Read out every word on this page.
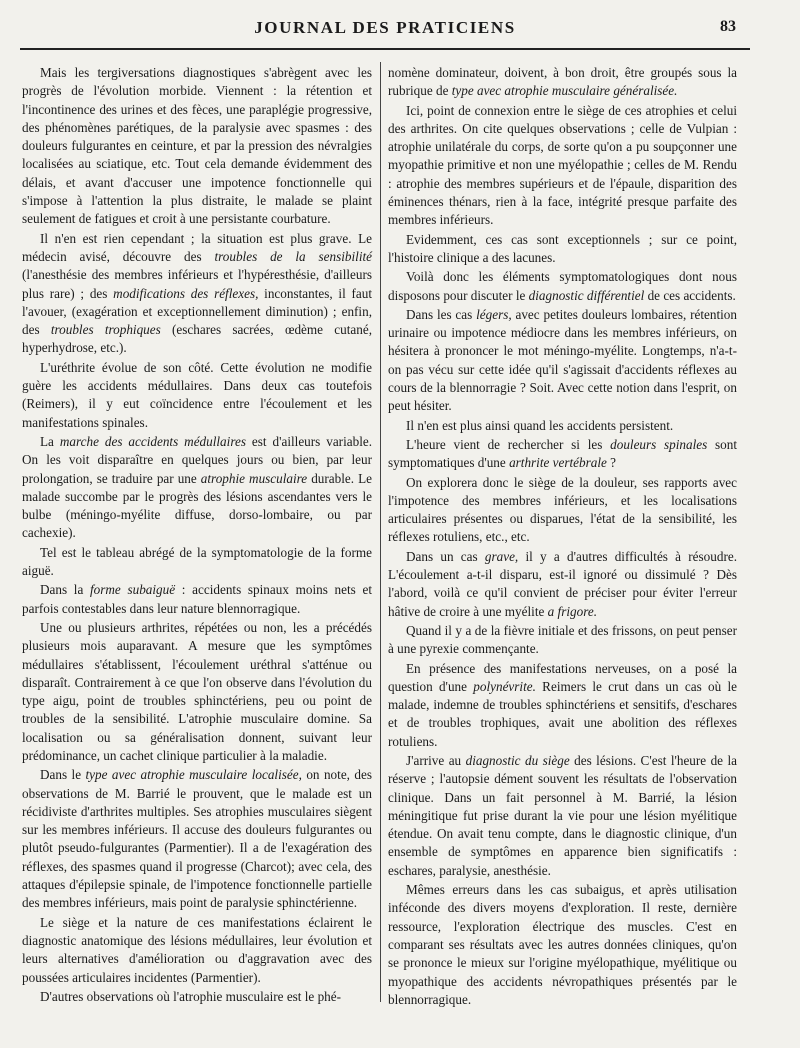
JOURNAL DES PRATICIENS	83

Mais les tergiversations diagnostiques s'abrègent avec les progrès de l'évolution morbide. Viennent : la rétention et l'incontinence des urines et des fèces, une paraplégie progressive, des phénomènes parétiques, de la paralysie avec spasmes : des douleurs fulgurantes en ceinture, et par la pression des névralgies localisées au sciatique, etc. Tout cela demande évidemment des délais, et avant d'accuser une impotence fonctionnelle qui s'impose à l'attention la plus distraite, le malade se plaint seulement de fatigues et croit à une persistante courbature.

Il n'en est rien cependant ; la situation est plus grave. Le médecin avisé, découvre des troubles de la sensibilité (l'anesthésie des membres inférieurs et l'hypéresthésie, d'ailleurs plus rare) ; des modifications des réflexes, inconstantes, il faut l'avouer, (exagération et exceptionnellement diminution) ; enfin, des troubles trophiques (eschares sacrées, œdème cutané, hyperhydrose, etc.).

L'uréthrite évolue de son côté. Cette évolution ne modifie guère les accidents médullaires. Dans deux cas toutefois (Reimers), il y eut coïncidence entre l'écoulement et les manifestations spinales.

La marche des accidents médullaires est d'ailleurs variable. On les voit disparaître en quelques jours ou bien, par leur prolongation, se traduire par une atrophie musculaire durable. Le malade succombe par le progrès des lésions ascendantes vers le bulbe (méningo-myélite diffuse, dorso-lombaire, ou par cachexie).

Tel est le tableau abrégé de la symptomatologie de la forme aiguë.

Dans la forme subaiguë : accidents spinaux moins nets et parfois contestables dans leur nature blennorragique.

Une ou plusieurs arthrites, répétées ou non, les a précédés plusieurs mois auparavant. A mesure que les symptômes médullaires s'établissent, l'écoulement uréthral s'atténue ou disparaît. Contrairement à ce que l'on observe dans l'évolution du type aigu, point de troubles sphinctériens, peu ou point de troubles de la sensibilité. L'atrophie musculaire domine. Sa localisation ou sa généralisation donnent, suivant leur prédominance, un cachet clinique particulier à la maladie.

Dans le type avec atrophie musculaire localisée, on note, des observations de M. Barrié le prouvent, que le malade est un récidiviste d'arthrites multiples. Ses atrophies musculaires siègent sur les membres inférieurs. Il accuse des douleurs fulgurantes ou plutôt pseudo-fulgurantes (Parmentier). Il a de l'exagération des réflexes, des spasmes quand il progresse (Charcot); avec cela, des attaques d'épilepsie spinale, de l'impotence fonctionnelle partielle des membres inférieurs, mais point de paralysie sphinctérienne.

Le siège et la nature de ces manifestations éclairent le diagnostic anatomique des lésions médullaires, leur évolution et leurs alternatives d'amélioration ou d'aggravation avec des poussées articulaires incidentes (Parmentier).

D'autres observations où l'atrophie musculaire est le phé-

nomène dominateur, doivent, à bon droit, être groupés sous la rubrique de type avec atrophie musculaire généralisée.

Ici, point de connexion entre le siège de ces atrophies et celui des arthrites. On cite quelques observations ; celle de Vulpian : atrophie unilatérale du corps, de sorte qu'on a pu soupçonner une myopathie primitive et non une myélopathie ; celles de M. Rendu : atrophie des membres supérieurs et de l'épaule, disparition des éminences thénars, rien à la face, intégrité presque parfaite des membres inférieurs.

Evidemment, ces cas sont exceptionnels ; sur ce point, l'histoire clinique a des lacunes.

Voilà donc les éléments symptomatologiques dont nous disposons pour discuter le diagnostic différentiel de ces accidents.

Dans les cas légers, avec petites douleurs lombaires, rétention urinaire ou impotence médiocre dans les membres inférieurs, on hésitera à prononcer le mot méningo-myélite. Longtemps, n'a-t-on pas vécu sur cette idée qu'il s'agissait d'accidents réflexes au cours de la blennorragie ? Soit. Avec cette notion dans l'esprit, on peut hésiter.

Il n'en est plus ainsi quand les accidents persistent.

L'heure vient de rechercher si les douleurs spinales sont symptomatiques d'une arthrite vertébrale ?

On explorera donc le siège de la douleur, ses rapports avec l'impotence des membres inférieurs, et les localisations articulaires présentes ou disparues, l'état de la sensibilité, les réflexes rotuliens, etc., etc.

Dans un cas grave, il y a d'autres difficultés à résoudre. L'écoulement a-t-il disparu, est-il ignoré ou dissimulé ? Dès l'abord, voilà ce qu'il convient de préciser pour éviter l'erreur hâtive de croire à une myélite a frigore.

Quand il y a de la fièvre initiale et des frissons, on peut penser à une pyrexie commençante.

En présence des manifestations nerveuses, on a posé la question d'une polynévrite. Reimers le crut dans un cas où le malade, indemne de troubles sphinctériens et sensitifs, d'eschares et de troubles trophiques, avait une abolition des réflexes rotuliens.

J'arrive au diagnostic du siège des lésions. C'est l'heure de la réserve ; l'autopsie dément souvent les résultats de l'observation clinique. Dans un fait personnel à M. Barrié, la lésion méningitique fut prise durant la vie pour une lésion myélitique étendue. On avait tenu compte, dans le diagnostic clinique, d'un ensemble de symptômes en apparence bien significatifs : eschares, paralysie, anesthésie.

Mêmes erreurs dans les cas subaigus, et après utilisation inféconde des divers moyens d'exploration. Il reste, dernière ressource, l'exploration électrique des muscles. C'est en comparant ses résultats avec les autres données cliniques, qu'on se prononce le mieux sur l'origine myélopathique, myélitique ou myopathique des accidents névropathiques présentés par le blennorragique.
